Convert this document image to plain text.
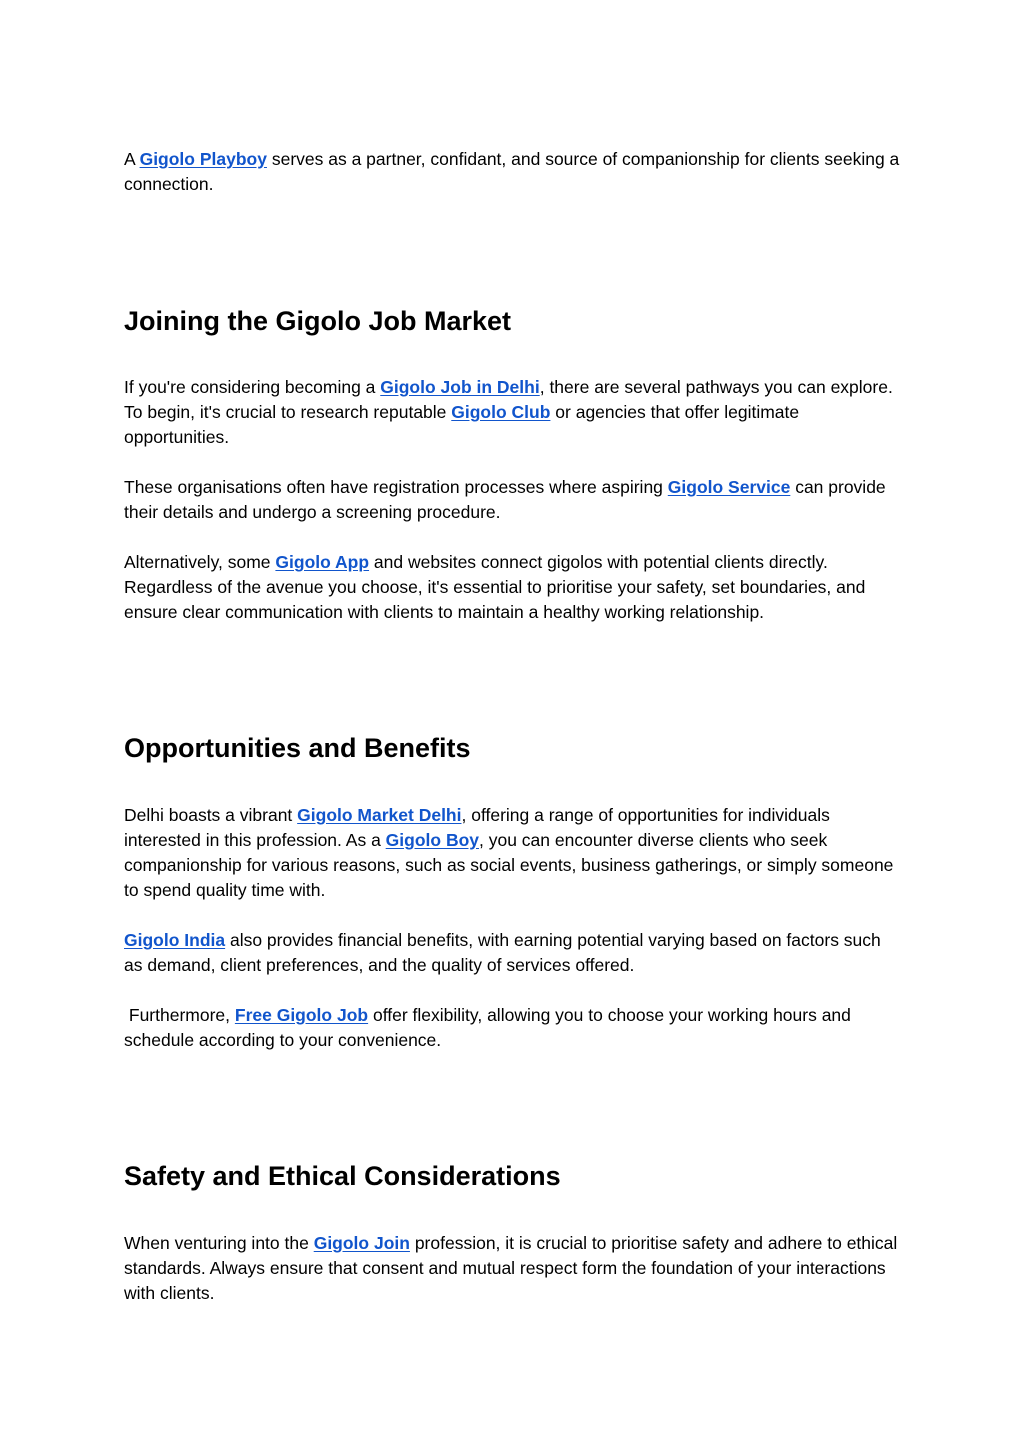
A Gigolo Playboy serves as a partner, confidant, and source of companionship for clients seeking a connection.

Joining the Gigolo Job Market

If you're considering becoming a Gigolo Job in Delhi, there are several pathways you can explore. To begin, it's crucial to research reputable Gigolo Club or agencies that offer legitimate opportunities.

These organisations often have registration processes where aspiring Gigolo Service can provide their details and undergo a screening procedure.

Alternatively, some Gigolo App and websites connect gigolos with potential clients directly. Regardless of the avenue you choose, it's essential to prioritise your safety, set boundaries, and ensure clear communication with clients to maintain a healthy working relationship.

Opportunities and Benefits

Delhi boasts a vibrant Gigolo Market Delhi, offering a range of opportunities for individuals interested in this profession. As a Gigolo Boy, you can encounter diverse clients who seek companionship for various reasons, such as social events, business gatherings, or simply someone to spend quality time with.

Gigolo India also provides financial benefits, with earning potential varying based on factors such as demand, client preferences, and the quality of services offered.

Furthermore, Free Gigolo Job offer flexibility, allowing you to choose your working hours and schedule according to your convenience.

Safety and Ethical Considerations

When venturing into the Gigolo Join profession, it is crucial to prioritise safety and adhere to ethical standards. Always ensure that consent and mutual respect form the foundation of your interactions with clients.
